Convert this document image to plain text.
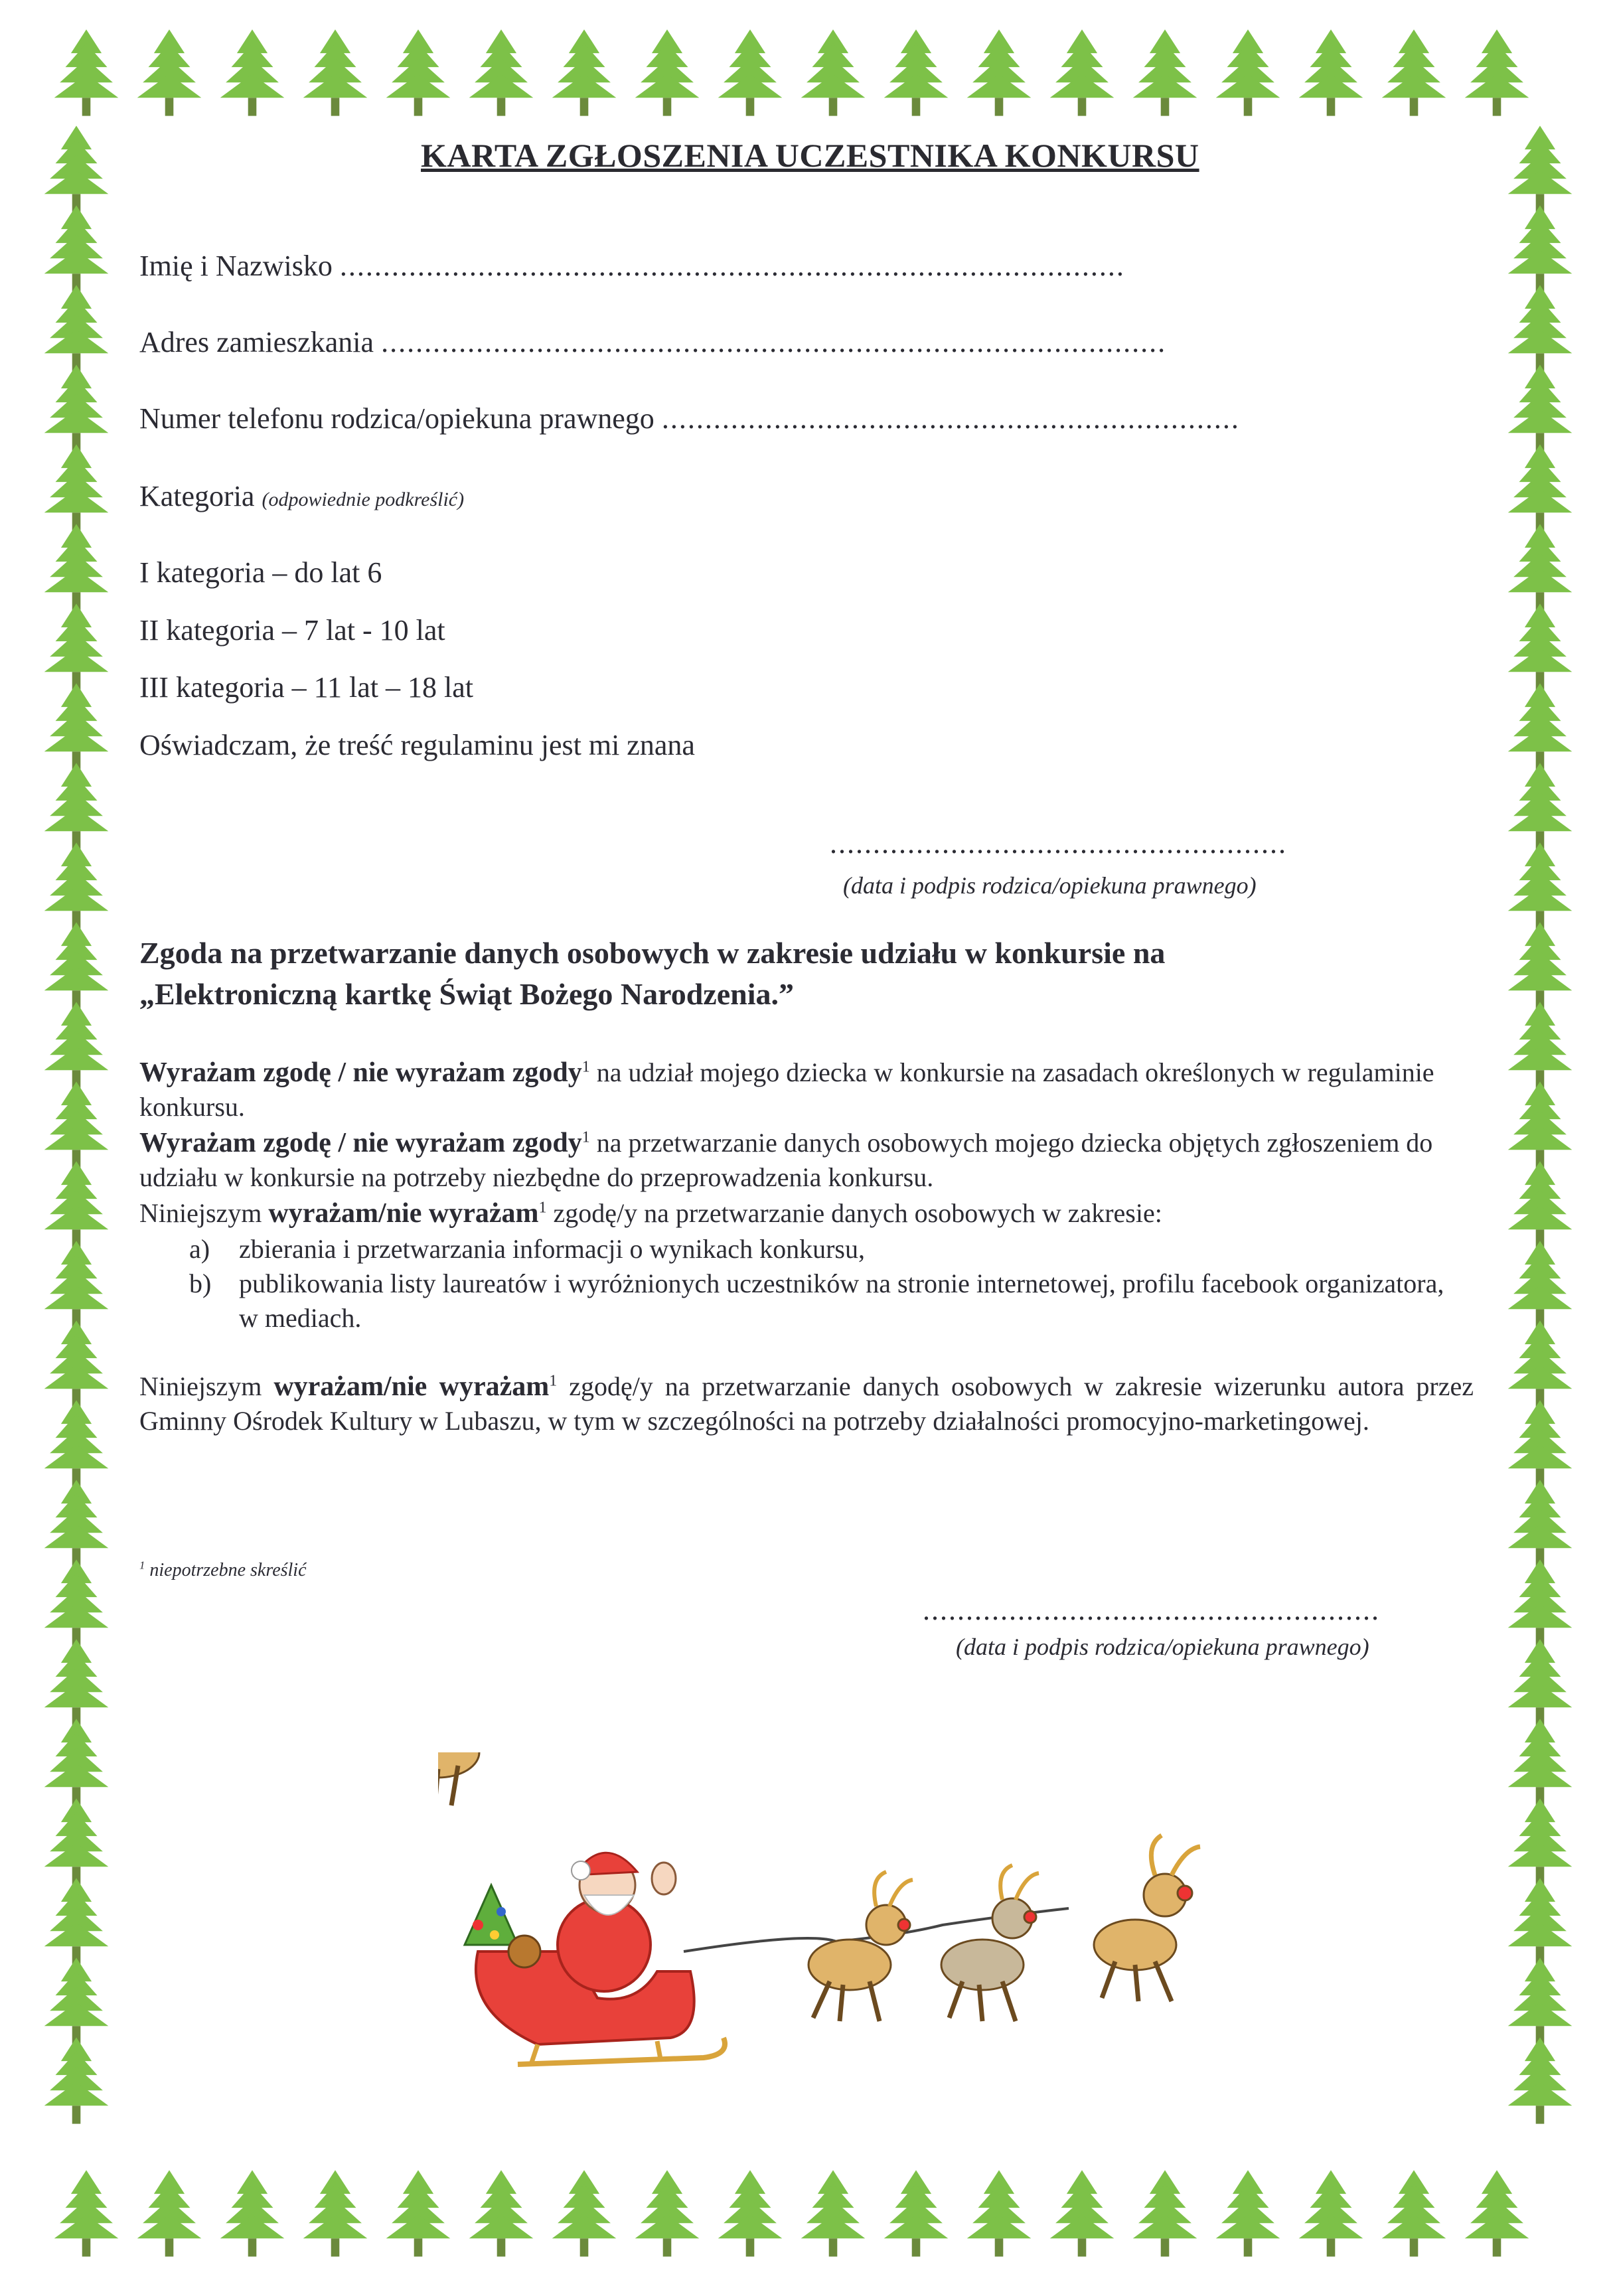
KARTA ZGŁOSZENIA UCZESTNIKA KONKURSU
Imię i Nazwisko ...........................................................................................
Adres zamieszkania ...........................................................................................
Numer telefonu rodzica/opiekuna prawnego ...................................................................
Kategoria (odpowiednie podkreślić)
I kategoria – do lat 6
II kategoria – 7 lat - 10 lat
III kategoria – 11 lat – 18 lat
Oświadczam, że treść regulaminu jest mi znana
.....................................................
(data i podpis rodzica/opiekuna prawnego)
Zgoda na przetwarzanie danych osobowych w zakresie udziału w konkursie na
„Elektroniczną kartkę Świąt Bożego Narodzenia.”
Wyrażam zgodę / nie wyrażam zgody$^1$ na udział mojego dziecka w konkursie na zasadach określonych w regulaminie konkursu.
Wyrażam zgodę / nie wyrażam zgody$^1$ na przetwarzanie danych osobowych mojego dziecka objętych zgłoszeniem do udziału w konkursie na potrzeby niezbędne do przeprowadzenia konkursu.
Niniejszym wyrażam/nie wyrażam$^1$ zgodę/y na przetwarzanie danych osobowych w zakresie:
a) zbierania i przetwarzania informacji o wynikach konkursu,
b) publikowania listy laureatów i wyróżnionych uczestników na stronie internetowej, profilu facebook organizatora, w mediach.
Niniejszym wyrażam/nie wyrażam$^1$ zgodę/y na przetwarzanie danych osobowych w zakresie wizerunku autora przez Gminny Ośrodek Kultury w Lubaszu, w tym w szczególności na potrzeby działalności promocyjno-marketingowej.
$^1$ niepotrzebne skreślić
.....................................................
(data i podpis rodzica/opiekuna prawnego)
